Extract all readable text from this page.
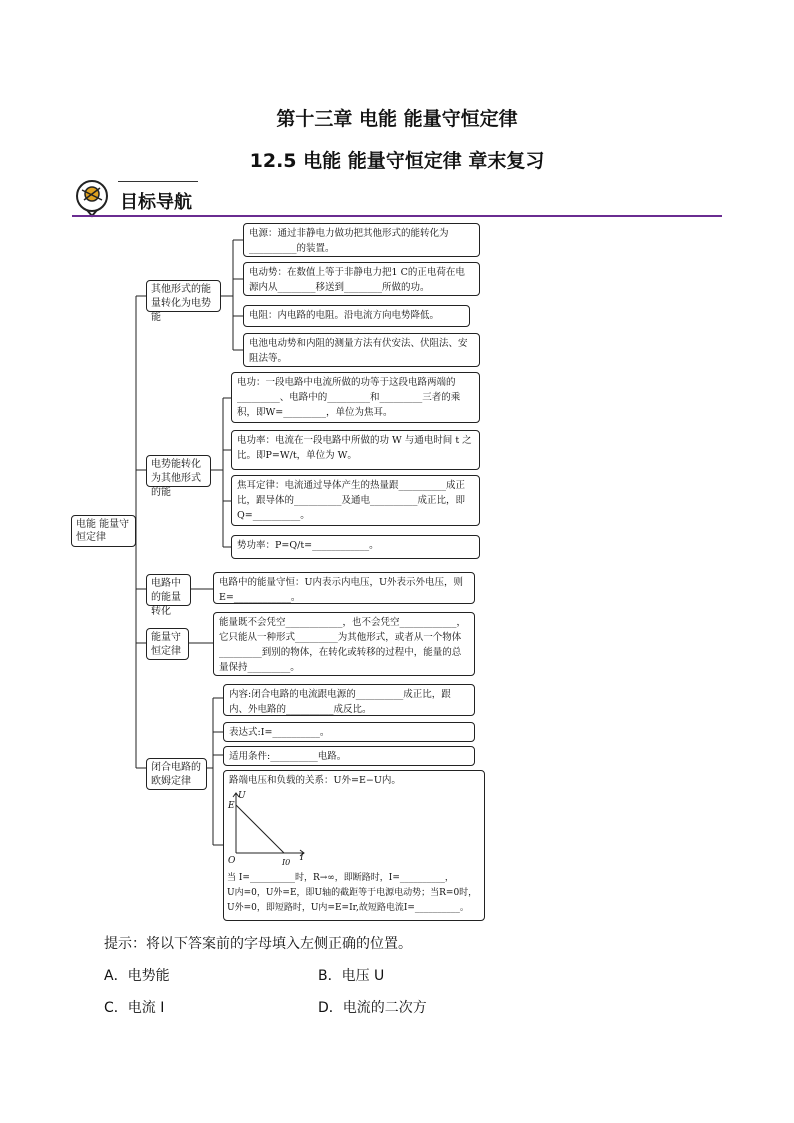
第十三章 电能 能量守恒定律
12.5 电能 能量守恒定律 章末复习
目标导航
电能 能量守恒定律
其他形式的能量转化为电势能
电势能转化为其他形式的能
电路中的能量转化
能量守恒定律
闭合电路的欧姆定律
电源：通过非静电力做功把其他形式的能转化为__________的装置。
电动势：在数值上等于非静电力把1 C的正电荷在电源内从________移送到________所做的功。
电阻：内电路的电阻。沿电流方向电势降低。
电池电动势和内阻的测量方法有伏安法、伏阻法、安阻法等。
电功：一段电路中电流所做的功等于这段电路两端的_________、电路中的_________和_________三者的乘积，即W=_________，单位为焦耳。
电功率：电流在一段电路中所做的功 W 与通电时间 t 之比。即P=W/t，单位为 W。
焦耳定律：电流通过导体产生的热量跟__________成正比，跟导体的__________及通电__________成正比，即Q=__________。
势功率：P=Q/t=____________。
电路中的能量守恒：U内表示内电压，U外表示外电压，则 E=____________。
能量既不会凭空____________，也不会凭空____________，它只能从一种形式_________为其他形式，或者从一个物体_________到别的物体，在转化或转移的过程中，能量的总量保持_________。
内容:闭合电路的电流跟电源的__________成正比，跟内、外电路的__________成反比。
表达式:I=__________。
适用条件:__________电路。
路端电压和负载的关系：U外=E−U内。
U
E
O	I0 I
当 I=__________时，R→∞，即断路时，I=__________，
U内=0，U外=E，即U轴的截距等于电源电动势；当R=0时，
U外=0，即短路时，U内=E=Ir,故短路电流I=__________。
提示：将以下答案前的字母填入左侧正确的位置。
A．电势能	B．电压 U
C．电流 I	D．电流的二次方
